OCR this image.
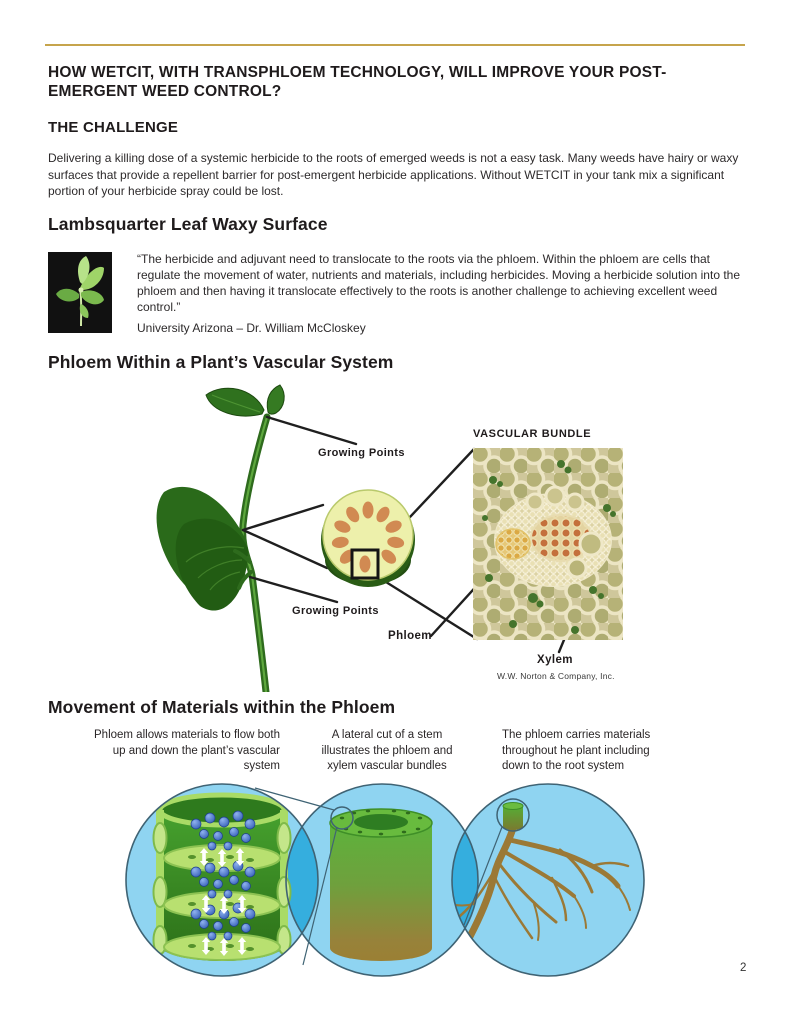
HOW WETCIT, WITH TRANSPHLOEM TECHNOLOGY, WILL IMPROVE YOUR POST-EMERGENT WEED CONTROL?
THE CHALLENGE
Delivering a killing dose of a systemic herbicide to the roots of emerged weeds is not a easy task. Many weeds have hairy or waxy surfaces that provide a repellent barrier for post-emergent herbicide applications. Without WETCIT in your tank mix a significant portion of your herbicide spray could be lost.
Lambsquarter Leaf Waxy Surface
“The herbicide and adjuvant need to translocate to the roots via the phloem. Within the phloem are cells that regulate the movement of water, nutrients and materials, including herbicides. Moving a herbicide solution into the phloem and then having it translocate effectively to the roots is another challenge to achieving excellent weed control.”
University Arizona – Dr. William McCloskey
Phloem Within a Plant’s Vascular System
Growing Points
Growing Points
VASCULAR BUNDLE
Phloem
Xylem
W.W. Norton & Company, Inc.
Movement of Materials within the Phloem
Phloem allows materials to flow both up and down the plant’s vascular system
A lateral cut of a stem illustrates the phloem and xylem vascular bundles
The phloem carries materials throughout he plant including down to the root system
2
